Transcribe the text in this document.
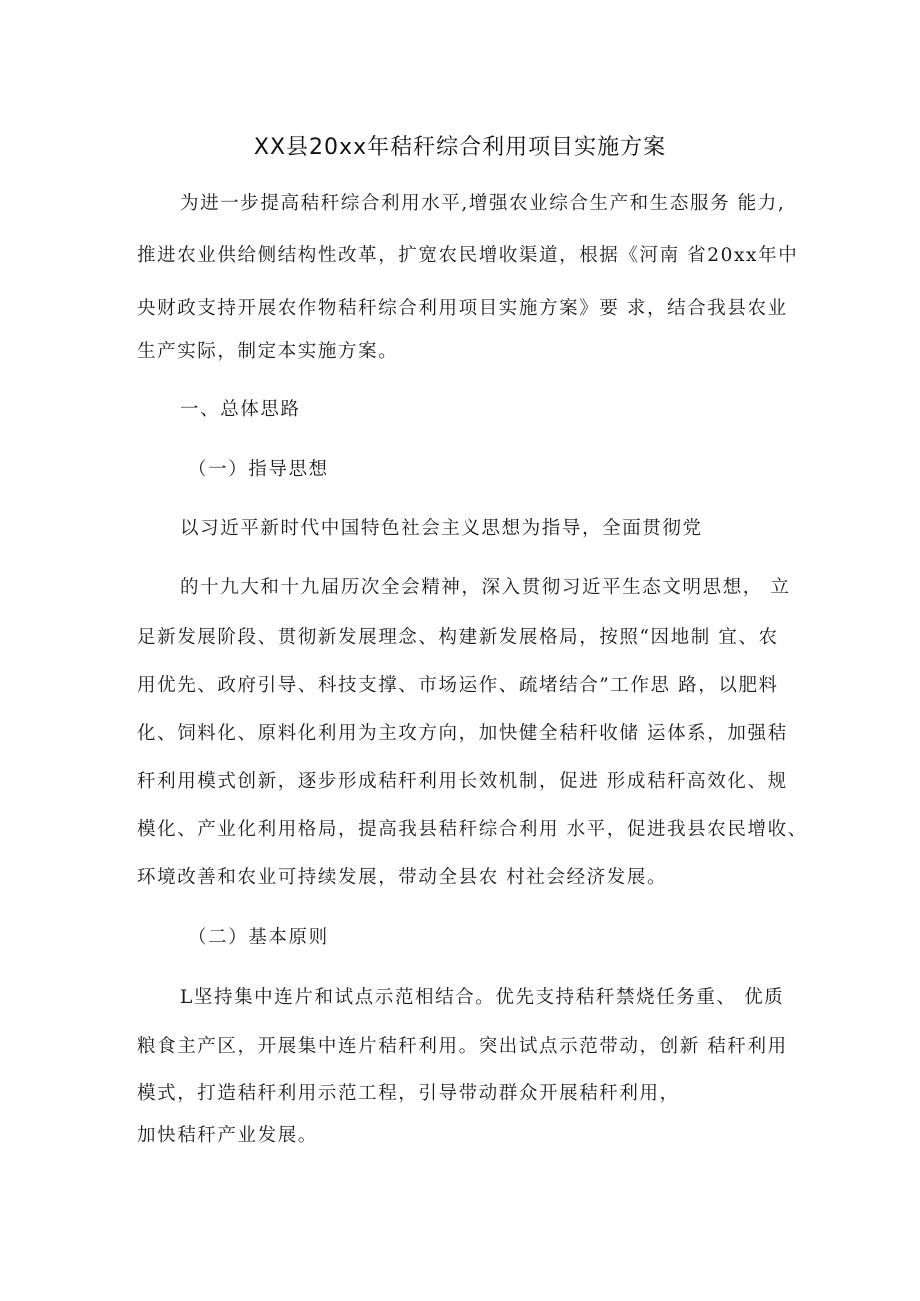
XX县20xx年秸秆综合利用项目实施方案
为进一步提高秸秆综合利用水平,增强农业综合生产和生态服务 能力,
推进农业供给侧结构性改革，扩宽农民增收渠道，根据《河南 省20xx年中
央财政支持开展农作物秸秆综合利用项目实施方案》要 求，结合我县农业
生产实际，制定本实施方案。
一、总体思路
（一）指导思想
以习近平新时代中国特色社会主义思想为指导，全面贯彻党
的十九大和十九届历次全会精神，深入贯彻习近平生态文明思想， 立
足新发展阶段、贯彻新发展理念、构建新发展格局，按照“因地制 宜、农
用优先、政府引导、科技支撑、市场运作、疏堵结合”工作思 路，以肥料
化、饲料化、原料化利用为主攻方向，加快健全秸秆收储 运体系，加强秸
秆利用模式创新，逐步形成秸秆利用长效机制，促进 形成秸秆高效化、规
模化、产业化利用格局，提高我县秸秆综合利用 水平，促进我县农民增收、
环境改善和农业可持续发展，带动全县农 村社会经济发展。
（二）基本原则
L坚持集中连片和试点示范相结合。优先支持秸秆禁烧任务重、 优质
粮食主产区，开展集中连片秸秆利用。突出试点示范带动，创新 秸秆利用
模式，打造秸秆利用示范工程，引导带动群众开展秸秆利用，
加快秸秆产业发展。
